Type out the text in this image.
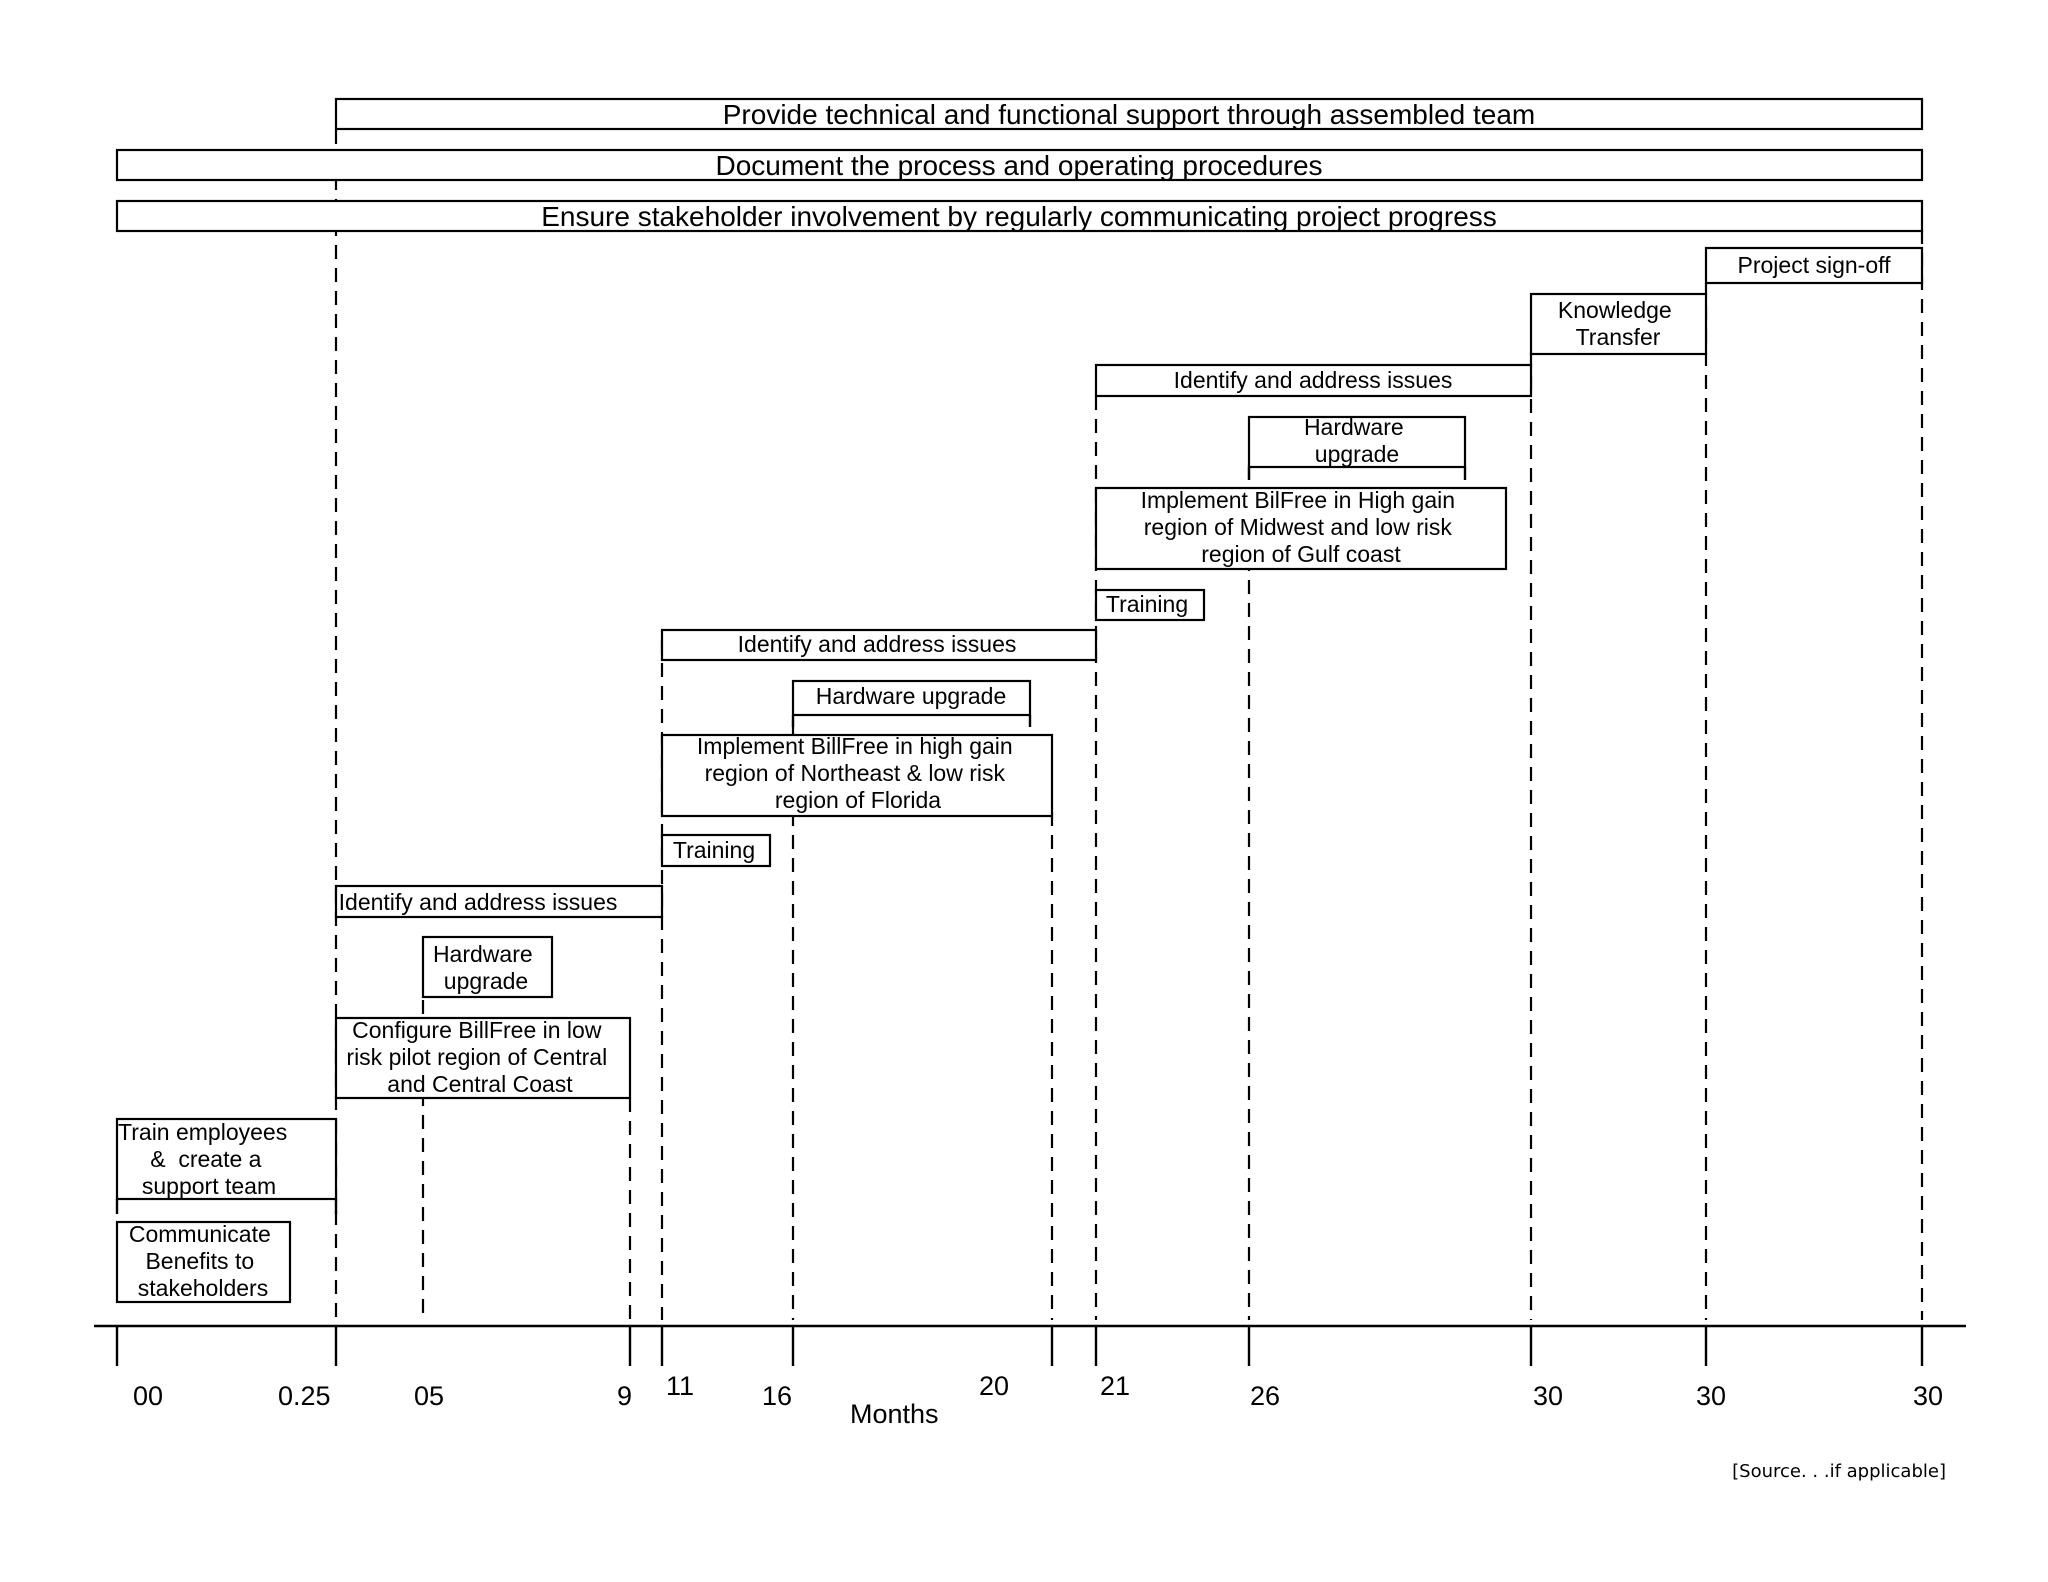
Provide technical and functional support through assembled team
Document the process and operating procedures
Ensure stakeholder involvement by regularly communicating project progress
Project sign-off
Knowledge Transfer
Identify and address issues
Hardware upgrade
Implement BilFree in High gain region of Midwest and low risk region of Gulf coast
Training
Identify and address issues
Hardware upgrade
Implement BillFree in high gain region of Northeast & low risk region of Florida
Training
Identify and address issues
Hardware upgrade
Configure BillFree in low risk pilot region of Central and Central Coast
Train employees        &  create a support team
Communicate Benefits to stakeholders
00	0.25	05	9 11	16	20	21	26	30	30	30
Months
[Source. . .if applicable]
